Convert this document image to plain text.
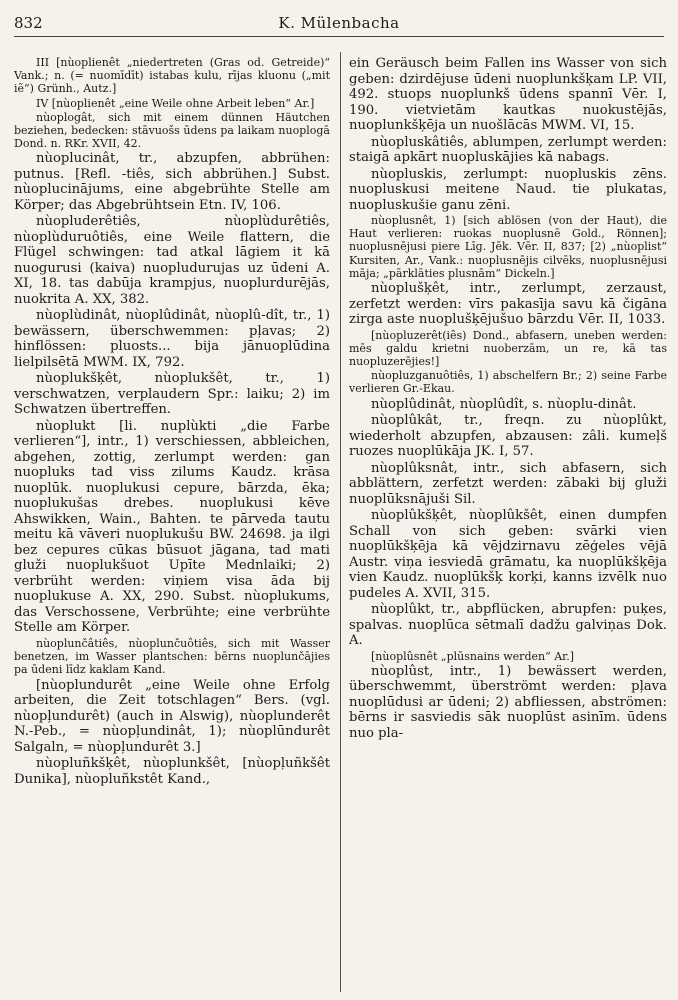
832	K. Mülenbacha

III [nùoplienêt „niedertreten (Gras od. Getreide)“ Vank.; n. (= nuomīdīt) istabas kulu, rījas kluonu („mit iẽ“) Grünh., Autz.]

IV [nùoplienêt „eine Weile ohne Arbeit leben“ Ar.]

nùoplogât, sich mit einem dünnen Häutchen beziehen, bedecken: stāvuošs ūdens pa laikam nuoplogā Dond. n. RKr. XVII, 42.

nùoplucinât, tr., abzupfen, abbrühen: putnus. [Refl. -tiês, sich abbrühen.] Subst. nùoplucinājums, eine abgebrühte Stelle am Körper; das Abgebrühtsein Etn. IV, 106.

nùopluderêtiês, nùoplùdurêtiês, nùoplùduruôtiês, eine Weile flattern, die Flügel schwingen: tad atkal lāgiem it kā nuogurusi (kaiva) nuopludurujas uz ūdeni A. XI, 18. tas dabūja krampjus, nuoplurdurējās, nuokrita A. XX, 382.

nùoplùdinât, nùoplûdinât, nùoplû-dît, tr., 1) bewässern, überschwemmen: pļavas; 2) hinflössen: pluosts... bija jānuoplūdina lielpilsētā MWM. IX, 792.

nùoplukšķêt, nùoplukšêt, tr., 1) verschwatzen, verplaudern Spr.: laiku; 2) im Schwatzen übertreffen.

nùoplukt [li. nuplùkti „die Farbe verlieren“], intr., 1) verschiessen, abbleichen, abgehen, zottig, zerlumpt werden: gan nuopluks tad viss zilums Kaudz. krāsa nuoplūk. nuoplukusi cepure, bārzda, ēka; nuoplukušas drebes. nuoplukusi kēve Ahswikken, Wain., Bahten. te pārveda tautu meitu kā vāveri nuoplukušu BW. 24698. ja ilgi bez cepures cūkas būsuot jāgana, tad mati gluži nuoplukšuot Upīte Mednlaiki; 2) verbrüht werden: viņiem visa āda bij nuoplukuse A. XX, 290. Subst. nùoplukums, das Verschossene, Verbrühte; eine verbrühte Stelle am Körper.

nùoplunčâtiês, nùoplunčuôtiês, sich mit Wasser benetzen, im Wasser plantschen: bērns nuoplunčājies pa ūdeni līdz kaklam Kand.

[nùoplundurêt „eine Weile ohne Erfolg arbeiten, die Zeit totschlagen“ Bers. (vgl. nùopļundurêt) (auch in Alswig), nùoplunderêt N.-Peb., = nùopļundinât, 1); nùoplūndurêt Salgaln, = nùopļundurêt 3.]

nùopluñkšķêt, nùoplunkšêt, [nùopļuñkšêt Dunika], nùopluñkstêt Kand.,

ein Geräusch beim Fallen ins Wasser von sich geben: dzirdējuse ūdeni nuoplunkšķam LP. VII, 492. stuops nuoplunkš ūdens spannī Vēr. I, 190. vietvietām kautkas nuokustējās, nuoplunkšķēja un nuošlācās MWM. VI, 15.

nùopluskâtiês, ablumpen, zerlumpt werden: staigā apkārt nuopluskājies kā nabags.

nùopluskis, zerlumpt: nuopluskis zēns. nuopluskusi meitene Naud. tie plukatas, nuopluskušie ganu zēni.

nùoplusnêt, 1) [sich ablösen (von der Haut), die Haut verlieren: ruokas nuoplusnē Gold., Rönnen]; nuoplusnējusi piere Līg. Jēk. Vēr. II, 837; [2) „nùoplist“ Kursiten, Ar., Vank.: nuoplusnējis cilvēks, nuoplusnējusi māja; „pārklāties plusnām“ Dickeln.]

nùoplušķêt, intr., zerlumpt, zerzaust, zerfetzt werden: vīrs pakasīja savu kā čigāna zirga aste nuoplušķējušuo bārzdu Vēr. II, 1033.

[nùopluzerêt(iês) Dond., abfasern, uneben werden: mēs galdu krietni nuoberzām, un re, kā tas nuopluzerējies!]

nùopluzganuôtiês, 1) abschelfern Br.; 2) seine Farbe verlieren Gr.-Ekau.

nùoplûdinât, nùoplûdît, s. nùoplu-dinât.

nùoplûkât, tr., freqn. zu nùoplûkt, wiederholt abzupfen, abzausen: zâli. kumeļš ruozes nuoplūkāja JK. I, 57.

nùoplûksnât, intr., sich abfasern, sich abblättern, zerfetzt werden: zābaki bij gluži nuoplūksnājuši Sil.

nùoplûkšķêt, nùoplûkšêt, einen dumpfen Schall von sich geben: svārki vien nuoplūkšķēja kā vējdzirnavu zēģeles vējā Austr. viņa iesviedā grāmatu, ka nuoplūkšķēja vien Kaudz. nuoplūkšķ korķi, kanns izvēlk nuo pudeles A. XVII, 315.

nùoplûkt, tr., abpflücken, abrupfen: puķes, spalvas. nuoplūca sētmalī dadžu galviņas Dok. A.

[nùoplûsnêt „plūsnains werden“ Ar.]

nùoplûst, intr., 1) bewässert werden, überschwemmt, überströmt werden: pļava nuoplūdusi ar ūdeni; 2) abfliessen, abströmen: bērns ir sasviedis sāk nuoplūst asinīm. ūdens nuo pla-
